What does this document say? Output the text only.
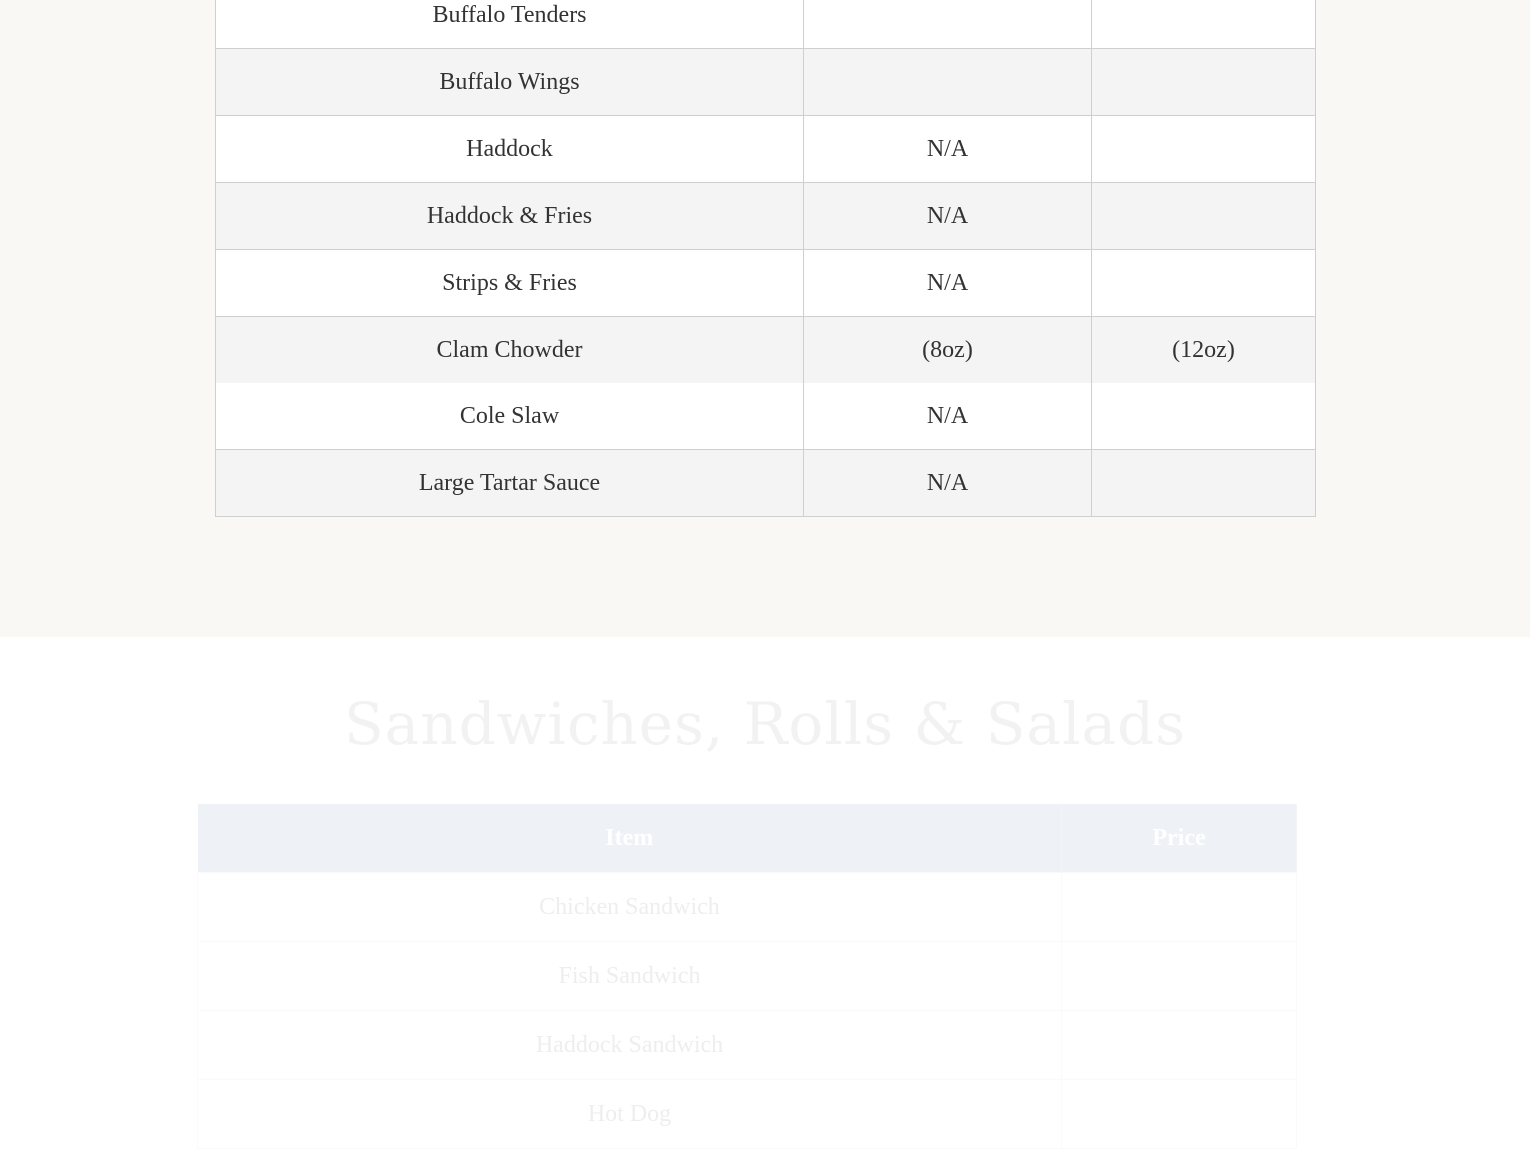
Buffalo Tenders		
Buffalo Wings		
Haddock	N/A	
Haddock & Fries	N/A	
Strips & Fries	N/A	
Clam Chowder	(8oz)	(12oz)
Cole Slaw	N/A	
Large Tartar Sauce	N/A	
Sandwiches, Rolls & Salads
Item	Price
Chicken Sandwich	
Fish Sandwich	
Haddock Sandwich	
Hot Dog	
